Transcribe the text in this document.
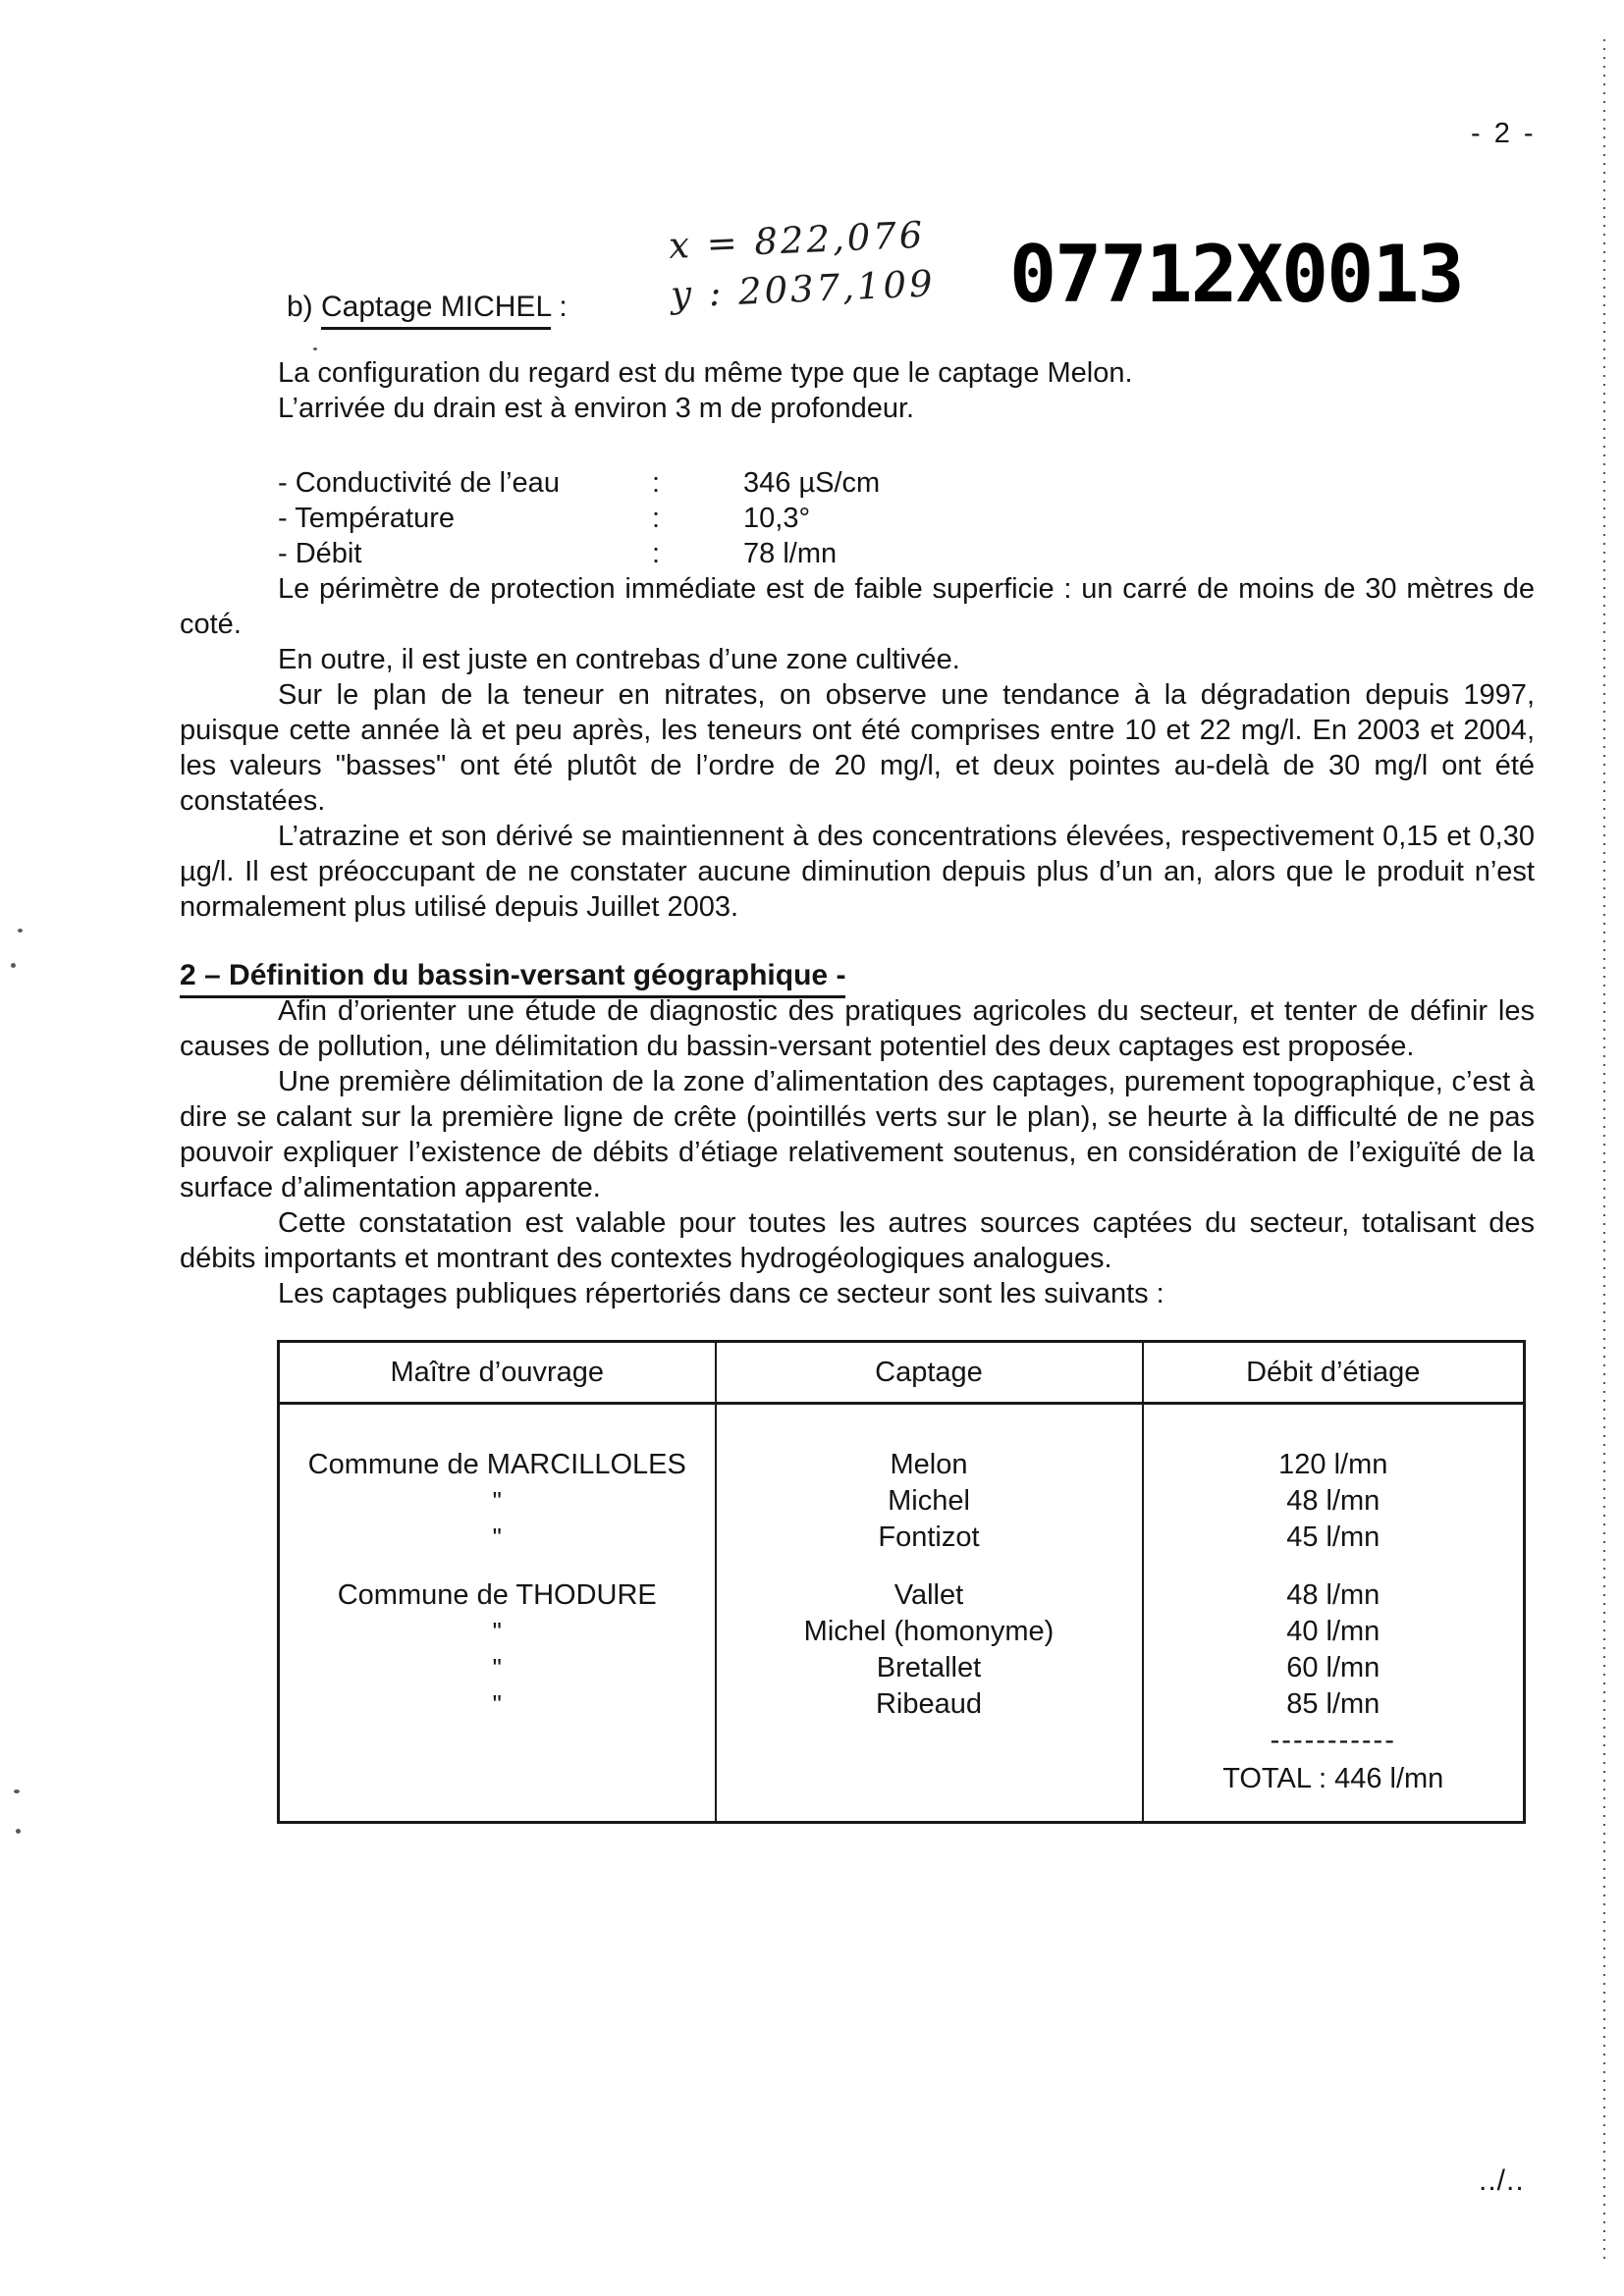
- 2 -
b) Captage MICHEL :
x = 822,076
y : 2037,109 07712X0013

La configuration du regard est du même type que le captage Melon.

L’arrivée du drain est à environ 3 m de profondeur.

- Conductivité de l’eau	:	346 µS/cm
- Température	:	10,3°
- Débit	:	78 l/mn

Le périmètre de protection immédiate est de faible superficie : un carré de moins de 30 mètres de coté.

En outre, il est juste en contrebas d’une zone cultivée.

Sur le plan de la teneur en nitrates, on observe une tendance à la dégradation depuis 1997, puisque cette année là et peu après, les teneurs ont été comprises entre 10 et 22 mg/l. En 2003 et 2004, les valeurs "basses" ont été plutôt de l’ordre de 20 mg/l, et deux pointes au-delà de 30 mg/l ont été constatées.

L’atrazine et son dérivé se maintiennent à des concentrations élevées, respectivement 0,15 et 0,30 µg/l. Il est préoccupant de ne constater aucune diminution depuis plus d’un an, alors que le produit n’est normalement plus utilisé depuis Juillet 2003.

2 – Définition du bassin-versant géographique -

Afin d’orienter une étude de diagnostic des pratiques agricoles du secteur, et tenter de définir les causes de pollution, une délimitation du bassin-versant potentiel des deux captages est proposée.

Une première délimitation de la zone d’alimentation des captages, purement topographique, c’est à dire se calant sur la première ligne de crête (pointillés verts sur le plan), se heurte à la difficulté de ne pas pouvoir expliquer l’existence de débits d’étiage relativement soutenus, en considération de l’exiguïté de la surface d’alimentation apparente.

Cette constatation est valable pour toutes les autres sources captées du secteur, totalisant des débits importants et montrant des contextes hydrogéologiques analogues.

Les captages publiques répertoriés dans ce secteur sont les suivants :

Maître d’ouvrage	Captage	Débit d’étiage

Commune de MARCILLOLES	Melon	120 l/mn
"	Michel	48 l/mn
"	Fontizot	45 l/mn

Commune de THODURE	Vallet	48 l/mn
"	Michel (homonyme)	40 l/mn
"	Bretallet	60 l/mn
"	Ribeaud	85 l/mn
		-----------
		TOTAL : 446 l/mn

../..
